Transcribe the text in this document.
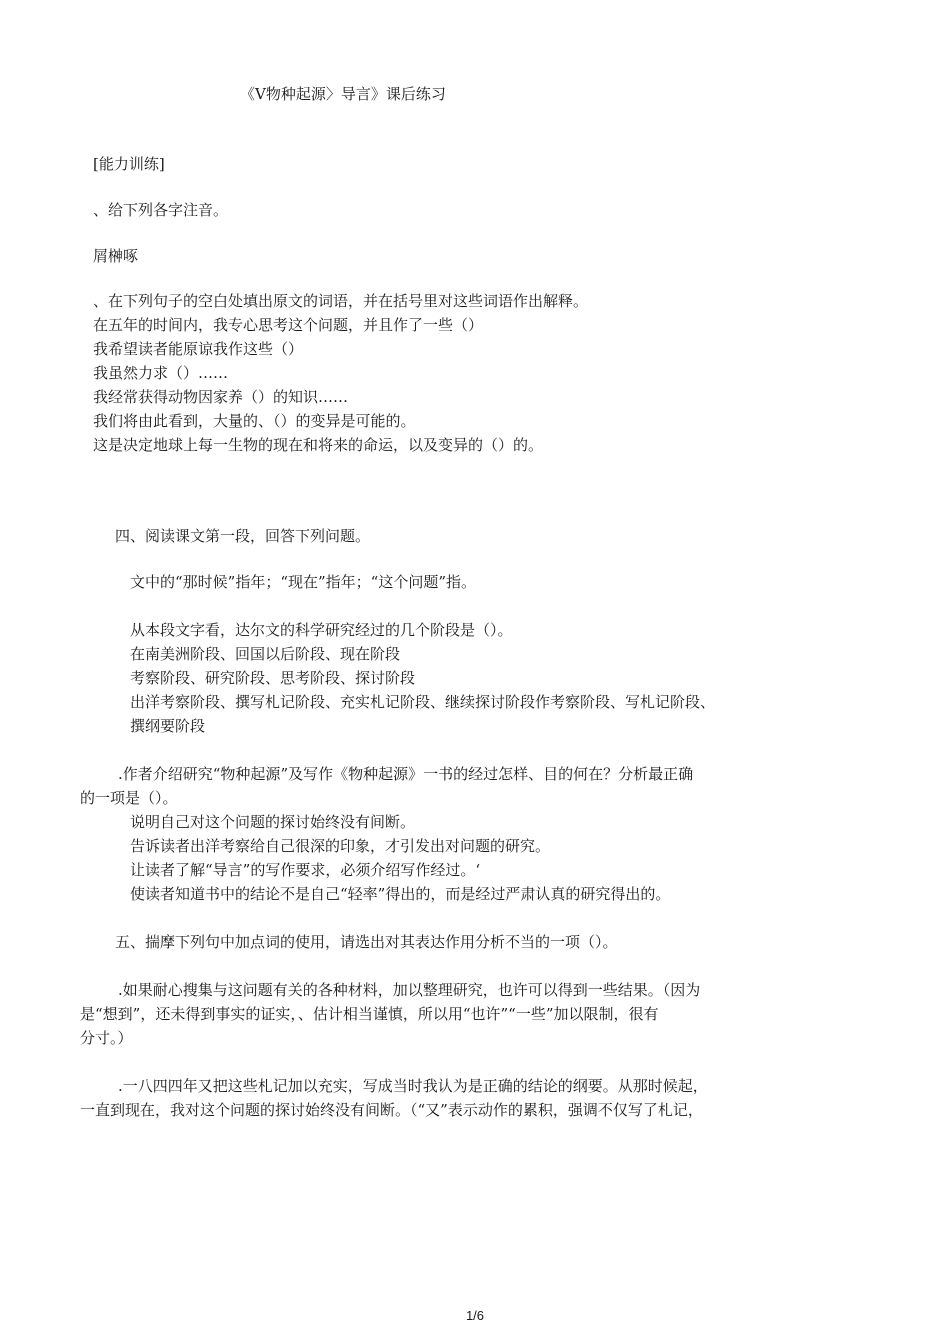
《V物种起源〉导言》课后练习
[能力训练]
、给下列各字注音。
屑榊啄
、在下列句子的空白处填出原文的词语，并在括号里对这些词语作出解释。
在五年的时间内，我专心思考这个问题，并且作了一些（）
我希望读者能原谅我作这些（）
我虽然力求（）……
我经常获得动物因家养（）的知识……
我们将由此看到，大量的、（）的变异是可能的。
这是决定地球上每一生物的现在和将来的命运，以及变异的（）的。
四、阅读课文第一段，回答下列问题。
文中的“那时候”指年；“现在”指年；“这个问题”指。
从本段文字看，达尔文的科学研究经过的几个阶段是（）。
在南美洲阶段、回国以后阶段、现在阶段
考察阶段、研究阶段、思考阶段、探讨阶段
出洋考察阶段、撰写札记阶段、充实札记阶段、继续探讨阶段作考察阶段、写札记阶段、
撰纲要阶段
.作者介绍研究“物种起源”及写作《物种起源》一书的经过怎样、目的何在？分析最正确
的一项是（）。
说明自己对这个问题的探讨始终没有间断。
告诉读者出洋考察给自己很深的印象，才引发出对问题的研究。
让读者了解“导言”的写作要求，必须介绍写作经过。‘
使读者知道书中的结论不是自己“轻率”得出的，而是经过严肃认真的研究得出的。
五、揣摩下列句中加点词的使用，请选出对其表达作用分析不当的一项（）。
.如果耐心搜集与这问题有关的各种材料，加以整理研究，也许可以得到一些结果。（因为
是“想到”，还未得到事实的证实，、估计相当谨慎，所以用“也许”“一些”加以限制，很有
分寸。）
.一八四四年又把这些札记加以充实，写成当时我认为是正确的结论的纲要。从那时候起，
一直到现在，我对这个问题的探讨始终没有间断。（“又”表示动作的累积，强调不仅写了札记，
1/6
